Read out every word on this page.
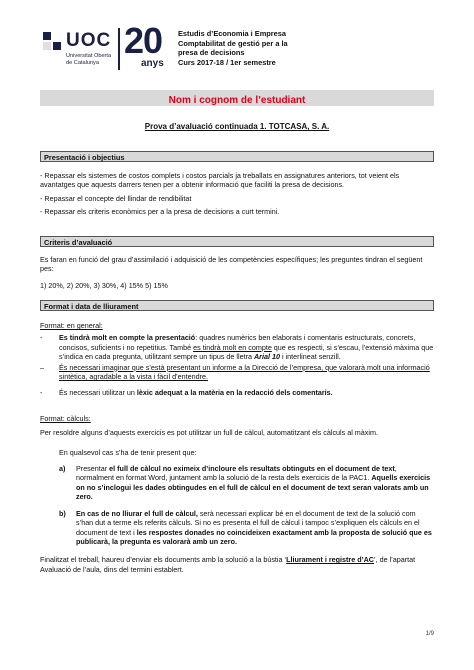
UOC
Universitat Oberta
de Catalunya
20
anys
Estudis d’Economia i Empresa
Comptabilitat de gestió per a la
presa de decisions
Curs 2017-18 / 1er semestre
Nom i cognom de l’estudiant
Prova d’avaluació continuada 1. TOTCASA, S. A.
Presentació i objectius
- Repassar els sistemes de costos complets i costos parcials ja treballats en assignatures anteriors, tot veient els avantatges que aquests darrers tenen per a obtenir informació que faciliti la presa de decisions.
- Repassar el concepte del llindar de rendibilitat
- Repassar els criteris econòmics per a la presa de decisions a curt termini.
Criteris d’avaluació
Es faran en funció del grau d’assimilació i adquisició de les competències específiques; les preguntes tindran el següent pes:
1) 20%, 2) 20%, 3) 30%, 4) 15% 5) 15%
Format i data de lliurament
Format: en general:
-	Es tindrà molt en compte la presentació: quadres numèrics ben elaborats i comentaris estructurats, concrets, concisos, suficients i no repetitius. També es tindrà molt en compte que es respecti, si s’escau, l’extensió màxima que s’indica en cada pregunta, utilitzant sempre un tipus de lletra Arial 10 i interlineat senzill.
–	És necessari imaginar que s’està presentant un informe a la Direcció de l’empresa, que valorarà molt una informació sintètica, agradable a la vista i fàcil d’entendre.
-	És necessari utilitzar un lèxic adequat a la matèria en la redacció dels comentaris.
Format: càlculs:
Per resoldre alguns d’aquests exercicis es pot utilitzar un full de càlcul, automatitzant els càlculs al màxim.
En qualsevol cas s’ha de tenir present que:
a)	Presentar el full de càlcul no eximeix d’incloure els resultats obtinguts en el document de text, normalment en format Word, juntament amb la solució de la resta dels exercicis de la PAC1. Aquells exercicis on no s’inclogui les dades obtingudes en el full de càlcul en el document de text seran valorats amb un zero.
b)	En cas de no lliurar el full de càlcul, serà necessari explicar bé en el document de text de la solució com s’han dut a terme els referits càlculs. Si no es presenta el full de càlcul i tampoc s’expliquen els càlculs en el document de text i les respostes donades no coincideixen exactament amb la proposta de solució que es publicarà, la pregunta es valorarà amb un zero.
Finalitzat el treball, haureu d’enviar els documents amb la solució a la bústia ‘Lliurament i registre d’AC’, de l’apartat Avaluació de l’aula, dins del termini establert.
1/9
